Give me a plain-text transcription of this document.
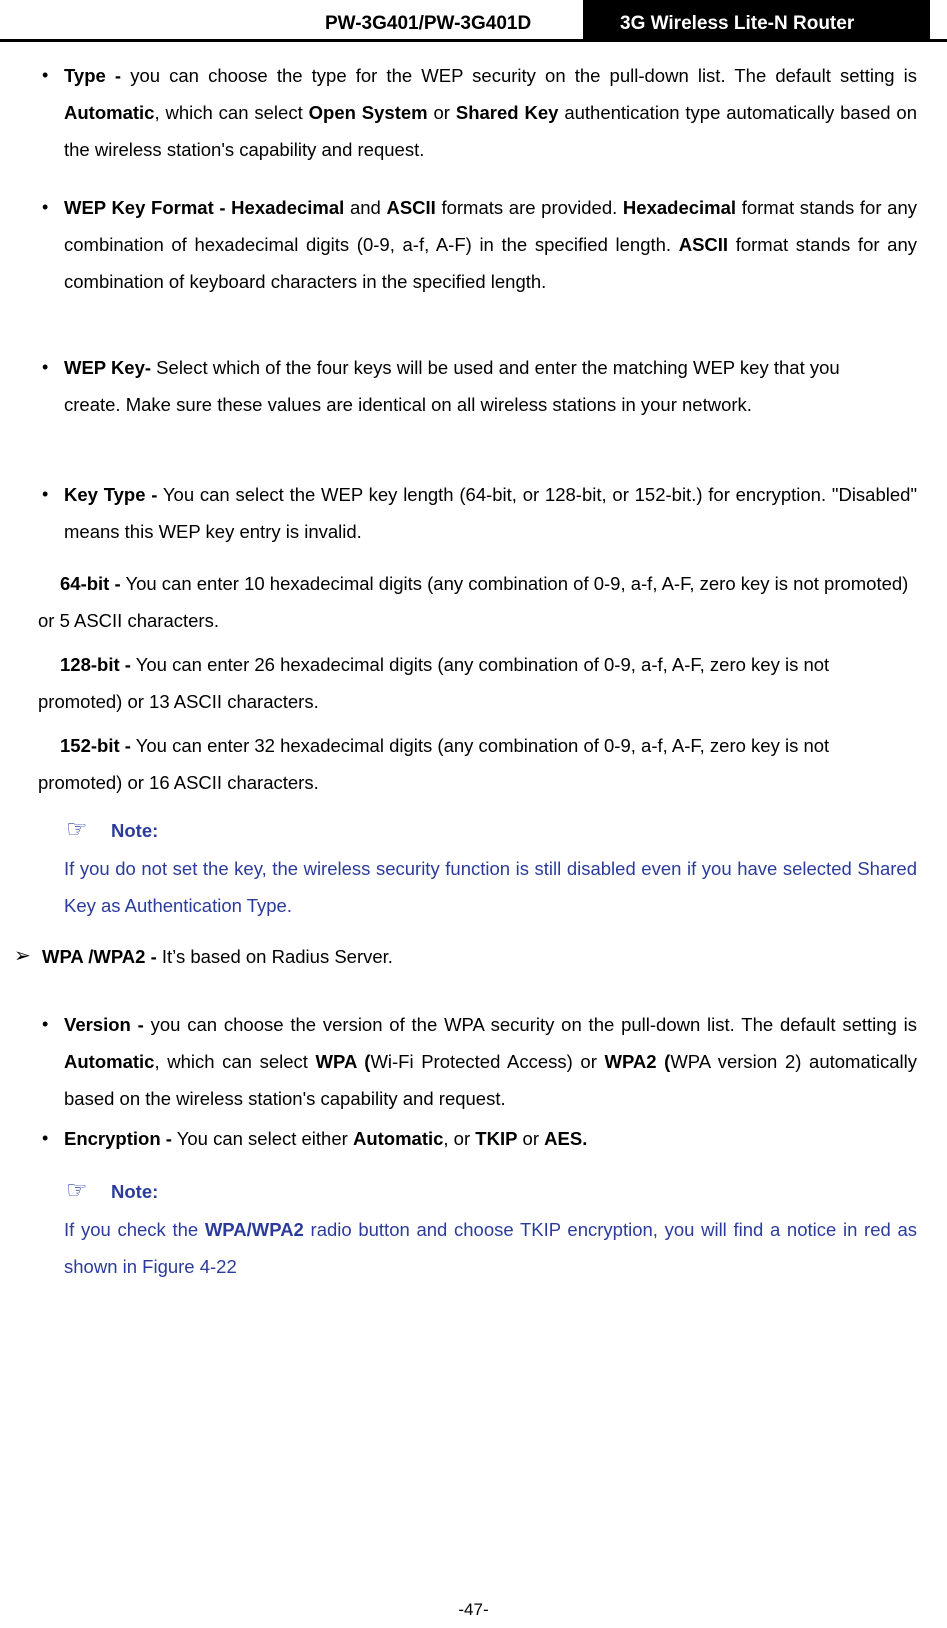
PW-3G401/PW-3G401D	3G Wireless Lite-N Router
• Type - you can choose the type for the WEP security on the pull-down list. The default setting is Automatic, which can select Open System or Shared Key authentication type automatically based on the wireless station's capability and request.
• WEP Key Format - Hexadecimal and ASCII formats are provided. Hexadecimal format stands for any combination of hexadecimal digits (0-9, a-f, A-F) in the specified length. ASCII format stands for any combination of keyboard characters in the specified length.
• WEP Key- Select which of the four keys will be used and enter the matching WEP key that you create. Make sure these values are identical on all wireless stations in your network.
• Key Type - You can select the WEP key length (64-bit, or 128-bit, or 152-bit.) for encryption. "Disabled" means this WEP key entry is invalid.
64-bit - You can enter 10 hexadecimal digits (any combination of 0-9, a-f, A-F, zero key is not promoted) or 5 ASCII characters.
128-bit - You can enter 26 hexadecimal digits (any combination of 0-9, a-f, A-F, zero key is not promoted) or 13 ASCII characters.
152-bit - You can enter 32 hexadecimal digits (any combination of 0-9, a-f, A-F, zero key is not promoted) or 16 ASCII characters.
☞ Note:
If you do not set the key, the wireless security function is still disabled even if you have selected Shared Key as Authentication Type.
➢ WPA /WPA2 - It’s based on Radius Server.
• Version - you can choose the version of the WPA security on the pull-down list. The default setting is Automatic, which can select WPA (Wi-Fi Protected Access) or WPA2 (WPA version 2) automatically based on the wireless station's capability and request.
• Encryption - You can select either Automatic, or TKIP or AES.
☞ Note:
If you check the WPA/WPA2 radio button and choose TKIP encryption, you will find a notice in red as shown in Figure 4-22
-47-
